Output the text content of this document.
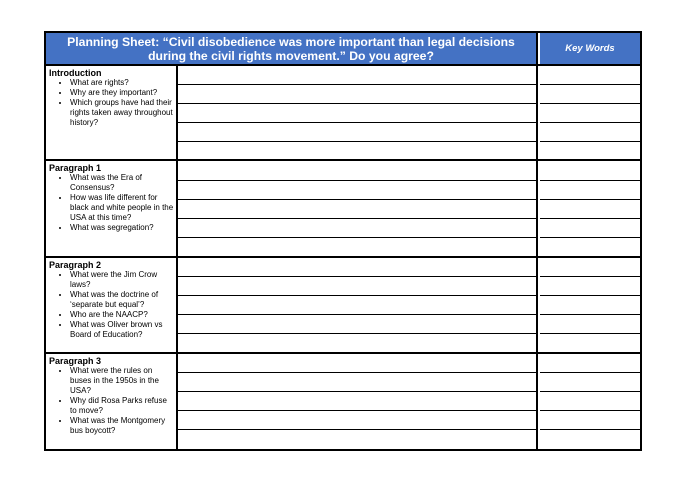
Planning Sheet: “Civil disobedience was more important than legal decisions
during the civil rights movement.” Do you agree?
Key Words
Introduction
• What are rights?
• Why are they important?
• Which groups have had their rights taken away throughout history?
Paragraph 1
• What was the Era of Consensus?
• How was life different for black and white people in the USA at this time?
• What was segregation?
Paragraph 2
• What were the Jim Crow laws?
• What was the doctrine of ‘separate but equal’?
• Who are the NAACP?
• What was Oliver brown vs Board of Education?
Paragraph 3
• What were the rules on buses in the 1950s in the USA?
• Why did Rosa Parks refuse to move?
• What was the Montgomery bus boycott?
